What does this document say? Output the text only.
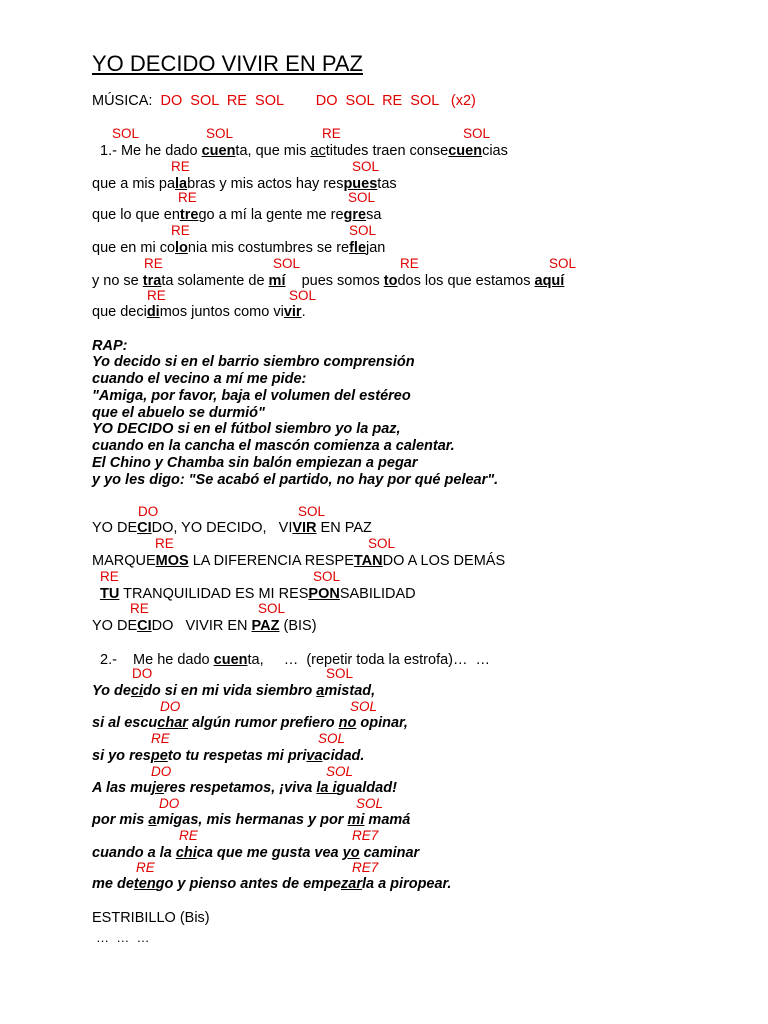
YO DECIDO VIVIR EN PAZ
MÚSICA: DO  SOL  RE  SOL DO  SOL  RE  SOL (x2)
SOL	SOL	RE	SOL
1.- Me he dado cuenta, que mis actitudes traen consecuencias
RE	SOL
que a mis palabras y mis actos hay respuestas
RE	SOL
que lo que entrego a mí la gente me regresa
RE	SOL
que en mi colonia mis costumbres se reflejan
RE	SOL	RE	SOL
y no se trata solamente de mí    pues somos todos los que estamos aquí
RE	SOL
que decidimos juntos como vivir.
RAP:
Yo decido si en el barrio siembro comprensión
cuando el vecino a mí me pide:
"Amiga, por favor, baja el volumen del estéreo
que el abuelo se durmió"
YO DECIDO si en el fútbol siembro yo la paz,
cuando en la cancha el mascón comienza a calentar.
El Chino y Chamba sin balón empiezan a pegar
y yo les digo: "Se acabó el partido, no hay por qué pelear".
DO	SOL
YO DECIDO, YO DECIDO,   VIVIR EN PAZ
RE	SOL
MARQUEMOS LA DIFERENCIA RESPETANDO A LOS DEMÁS
RE	SOL
TU TRANQUILIDAD ES MI RESPONSABILIDAD
RE	SOL
YO DECIDO   VIVIR EN PAZ (BIS)
2.-    Me he dado cuenta,     …  (repetir toda la estrofa)…  …
DO	SOL
Yo decido si en mi vida siembro amistad,
DO	SOL
si al escuchar algún rumor prefiero no opinar,
RE	SOL
si yo respeto tu respetas mi privacidad.
DO	SOL
A las mujeres respetamos, ¡viva la igualdad!
DO	SOL
por mis amigas, mis hermanas y por mi mamá
RE	RE7
cuando a la chica que me gusta vea yo caminar
RE	RE7
me detengo y pienso antes de empezarla a piropear.
ESTRIBILLO (Bis)
…  …  …
